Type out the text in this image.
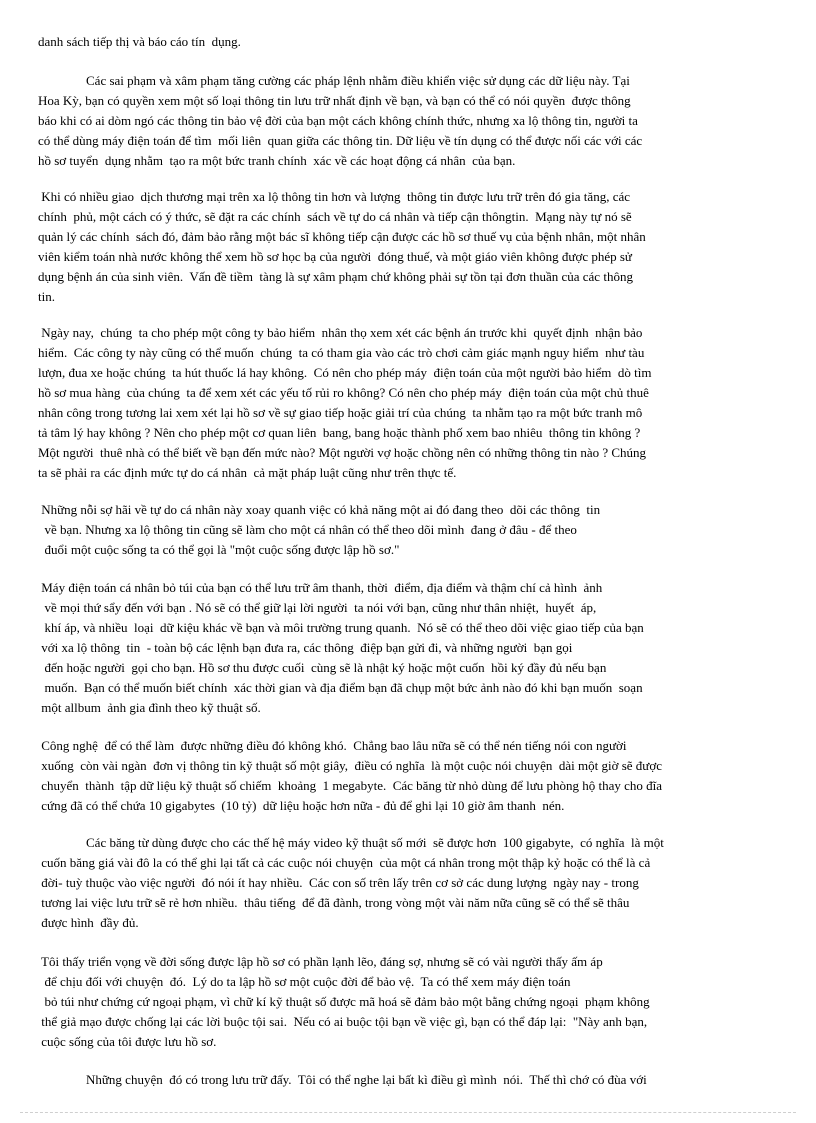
danh sách tiếp thị và báo cáo tín  dụng.
Các sai phạm và xâm phạm tăng cường các pháp lệnh nhằm điều khiển việc sử dụng các dữ liệu này. Tại
Hoa Kỳ, bạn có quyền xem một số loại thông tin lưu trữ nhất định về bạn, và bạn có thể có nói quyền  được thông
báo khi có ai dòm ngó các thông tin bảo vệ đời của bạn một cách không chính thức, nhưng xa lộ thông tin, người ta
có thể dùng máy điện toán để tìm  mối liên  quan giữa các thông tin. Dữ liệu về tín dụng có thể được nối các với các
hồ sơ tuyển  dụng nhằm  tạo ra một bức tranh chính  xác về các hoạt động cá nhân  của bạn.
Khi có nhiều giao  dịch thương mại trên xa lộ thông tin hơn và lượng  thông tin được lưu trữ trên đó gia tăng, các
chính  phủ, một cách có ý thức, sẽ đặt ra các chính  sách về tự do cá nhân và tiếp cận thôngtin.  Mạng này tự nó sẽ
quản lý các chính  sách đó, đảm bảo rằng một bác sĩ không tiếp cận được các hồ sơ thuế vụ của bệnh nhân, một nhân
viên kiểm toán nhà nước không thể xem hồ sơ học bạ của người  đóng thuế, và một giáo viên không được phép sử
dụng bệnh án của sinh viên.  Vấn đề tiềm  tàng là sự xâm phạm chứ không phải sự tồn tại đơn thuần của các thông
tin.
Ngày nay,  chúng  ta cho phép một công ty bảo hiểm  nhân thọ xem xét các bệnh án trước khi  quyết định  nhận bảo
hiểm.  Các công ty này cũng có thể muốn  chúng  ta có tham gia vào các trò chơi cảm giác mạnh nguy hiểm  như tàu
lượn, đua xe hoặc chúng  ta hút thuốc lá hay không.  Có nên cho phép máy  điện toán của một người bảo hiểm  dò tìm
hồ sơ mua hàng  của chúng  ta để xem xét các yếu tố rủi ro không? Có nên cho phép máy  điện toán của một chủ thuê
nhân công trong tương lai xem xét lại hồ sơ về sự giao tiếp hoặc giải trí của chúng  ta nhằm tạo ra một bức tranh mô
tả tâm lý hay không ? Nên cho phép một cơ quan liên  bang, bang hoặc thành phố xem bao nhiêu  thông tin không ?
Một người  thuê nhà có thể biết về bạn đến mức nào? Một người vợ hoặc chồng nên có những thông tin nào ? Chúng
ta sẽ phải ra các định mức tự do cá nhân  cả mặt pháp luật cũng như trên thực tế.
Những nỗi sợ hãi về tự do cá nhân này xoay quanh việc có khả năng một ai đó đang theo  dõi các thông  tin
về bạn. Nhưng xa lộ thông tin cũng sẽ làm cho một cá nhân có thể theo dõi mình  đang ở đâu - để theo
đuổi một cuộc sống ta có thể gọi là "một cuộc sống được lập hồ sơ."
Máy điện toán cá nhân bỏ túi của bạn có thể lưu trữ âm thanh, thời  điểm, địa điểm và thậm chí cả hình  ảnh
về mọi thứ sẩy đến với bạn . Nó sẽ có thể giữ lại lời người  ta nói với bạn, cũng như thân nhiệt,  huyết  áp,
khí áp, và nhiều  loại  dữ kiệu khác về bạn và môi trường trung quanh.  Nó sẽ có thể theo dõi việc giao tiếp của bạn
với xa lộ thông  tin  - toàn bộ các lệnh bạn đưa ra, các thông  điệp bạn gửi đi, và những người  bạn gọi
đến hoặc người  gọi cho bạn. Hồ sơ thu được cuối  cùng sẽ là nhật ký hoặc một cuốn  hồi ký đầy đủ nếu bạn
muốn.  Bạn có thể muốn biết chính  xác thời gian và địa điểm bạn đã chụp một bức ảnh nào đó khi bạn muốn  soạn
một allbum  ảnh gia đình theo kỹ thuật số.
Công nghệ  để có thể làm  được những điều đó không khó.  Chẳng bao lâu nữa sẽ có thể nén tiếng nói con người
xuống  còn vài ngàn  đơn vị thông tin kỹ thuật số một giây,  điều có nghĩa  là một cuộc nói chuyện  dài một giờ sẽ được
chuyển  thành  tập dữ liệu kỹ thuật số chiếm  khoảng  1 megabyte.  Các băng từ nhỏ dùng để lưu phòng hộ thay cho đĩa
cứng đã có thể chứa 10 gigabytes  (10 tỷ)  dữ liệu hoặc hơn nữa - đủ để ghi lại 10 giờ âm thanh  nén.
Các băng từ dùng được cho các thế hệ máy video kỹ thuật số mới  sẽ được hơn  100 gigabyte,  có nghĩa  là một
cuốn băng giá vài đô la có thể ghi lại tất cả các cuộc nói chuyện  của một cá nhân trong một thập kỷ hoặc có thể là cả
đời- tuỳ thuộc vào việc người  đó nói ít hay nhiều.  Các con số trên lấy trên cơ sở các dung lượng  ngày nay - trong
tương lai việc lưu trữ sẽ rẻ hơn nhiều.  thâu tiếng  để đã đành, trong vòng một vài năm nữa cũng sẽ có thể sẽ thâu
được hình  đầy đủ.
Tôi thấy triển vọng về đời sống được lập hồ sơ có phần lạnh lẽo, đáng sợ, nhưng sẽ có vài người thấy ấm áp
để chịu đối với chuyện  đó.  Lý do ta lập hồ sơ một cuộc đời để bảo vệ.  Ta có thể xem máy điện toán
bỏ túi như chứng cứ ngoại phạm, vì chữ kí kỹ thuật số được mã hoá sẽ đảm bảo một bằng chứng ngoại  phạm không
thể giả mạo được chống lại các lời buộc tội sai.  Nếu có ai buộc tội bạn về việc gì, bạn có thể đáp lại:  "Này anh bạn,
cuộc sống của tôi được lưu hồ sơ.
Những chuyện  đó có trong lưu trữ đấy.  Tôi có thể nghe lại bất kì điều gì mình  nói.  Thế thì chớ có đùa với
